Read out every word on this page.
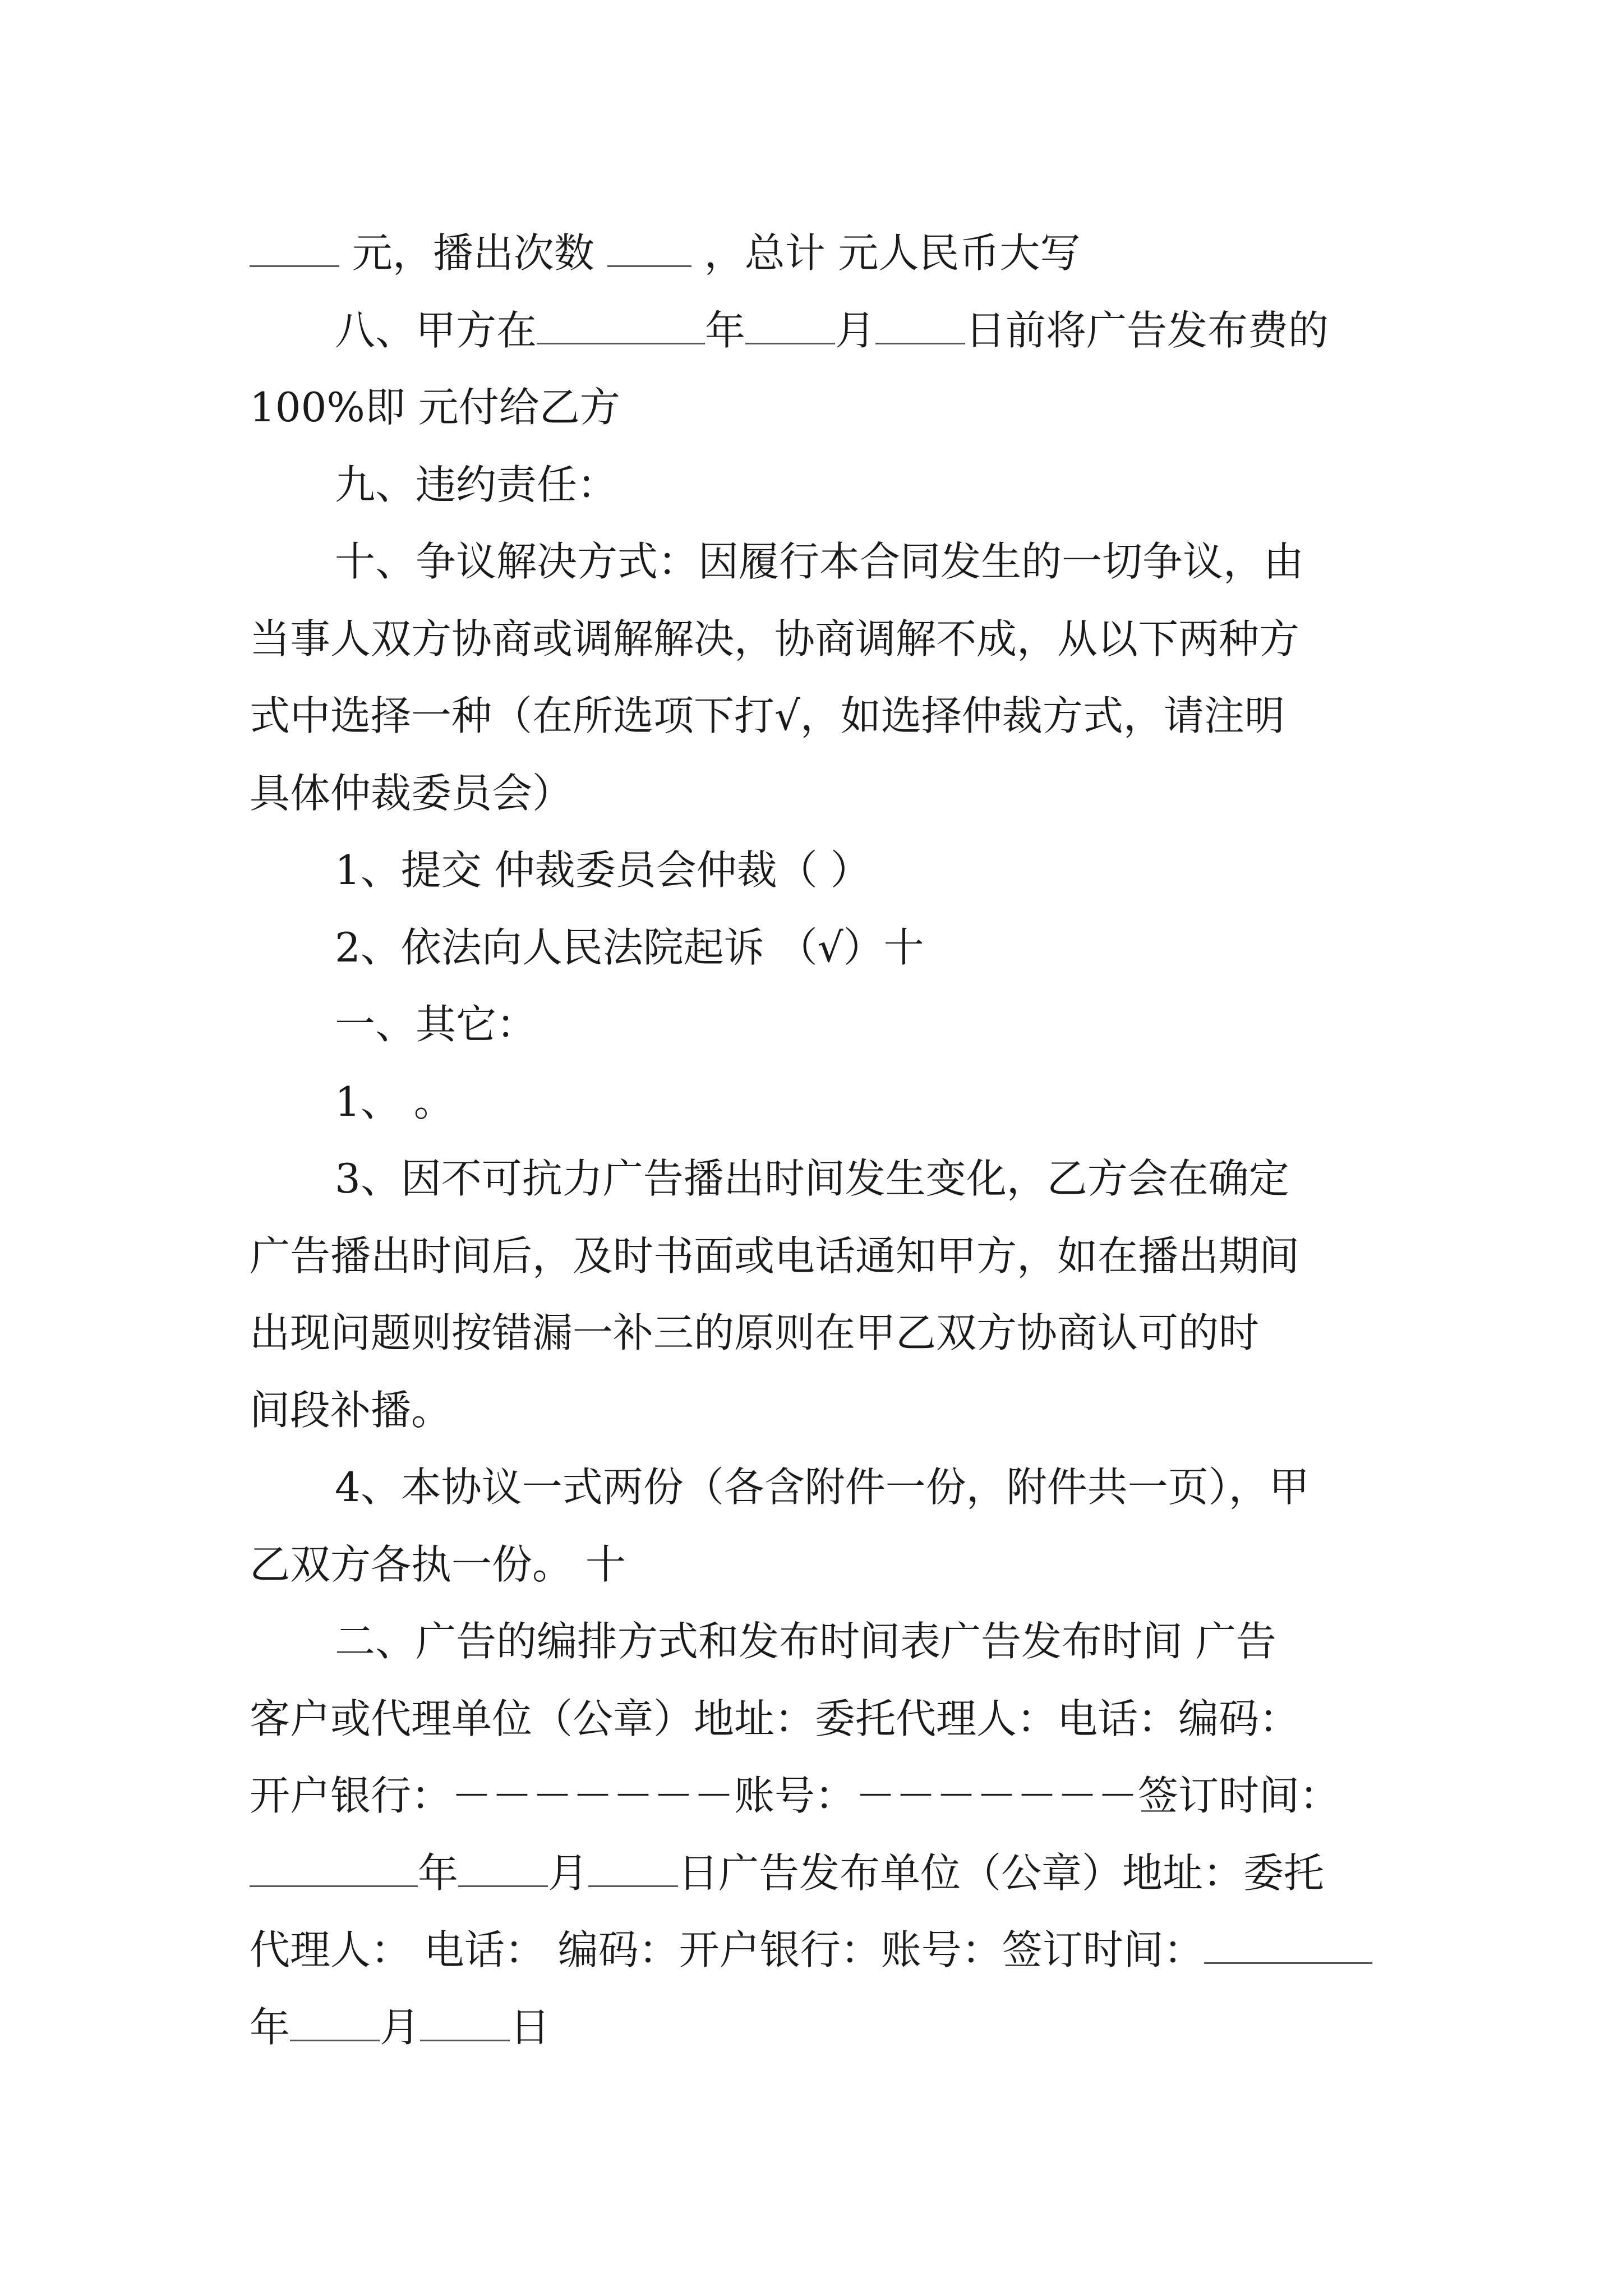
元，播出次数  ，总计 元人民币大写
八、甲方在	年 月 日前将广告发布费的
100%即 元付给乙方
九、违约责任：
十、争议解决方式：因履行本合同发生的一切争议，由
当事人双方协商或调解解决，协商调解不成，从以下两种方
式中选择一种（在所选项下打√，如选择仲裁方式，请注明
具体仲裁委员会）
1、提交 仲裁委员会仲裁（ ）
2、依法向人民法院起诉 （√）十
一、其它：
1、 。
3、因不可抗力广告播出时间发生变化，乙方会在确定
广告播出时间后，及时书面或电话通知甲方，如在播出期间
出现问题则按错漏一补三的原则在甲乙双方协商认可的时
间段补播。
4、本协议一式两份（各含附件一份，附件共一页），甲
乙双方各执一份。 十
二、广告的编排方式和发布时间表广告发布时间 广告
客户或代理单位（公章）地址：委托代理人：电话：编码：
开户银行：－－－－－－－账号：－－－－－－－签订时间：
年 月 日广告发布单位（公章）地址：委托
代理人： 电话： 编码：开户银行：账号：签订时间：
年 月 日
